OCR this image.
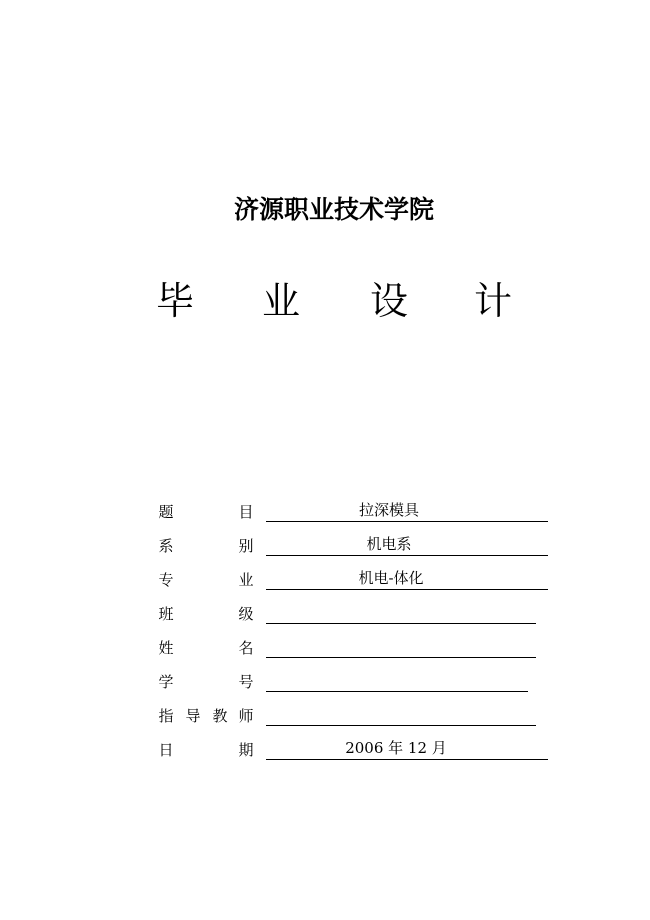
济源职业技术学院
毕 业 设 计
题	目	拉深模具
系	别	机电系
专	业	机电-体化
班	级
姓	名
学	号
指 导 教 师
日	期	2006 年 12 月
